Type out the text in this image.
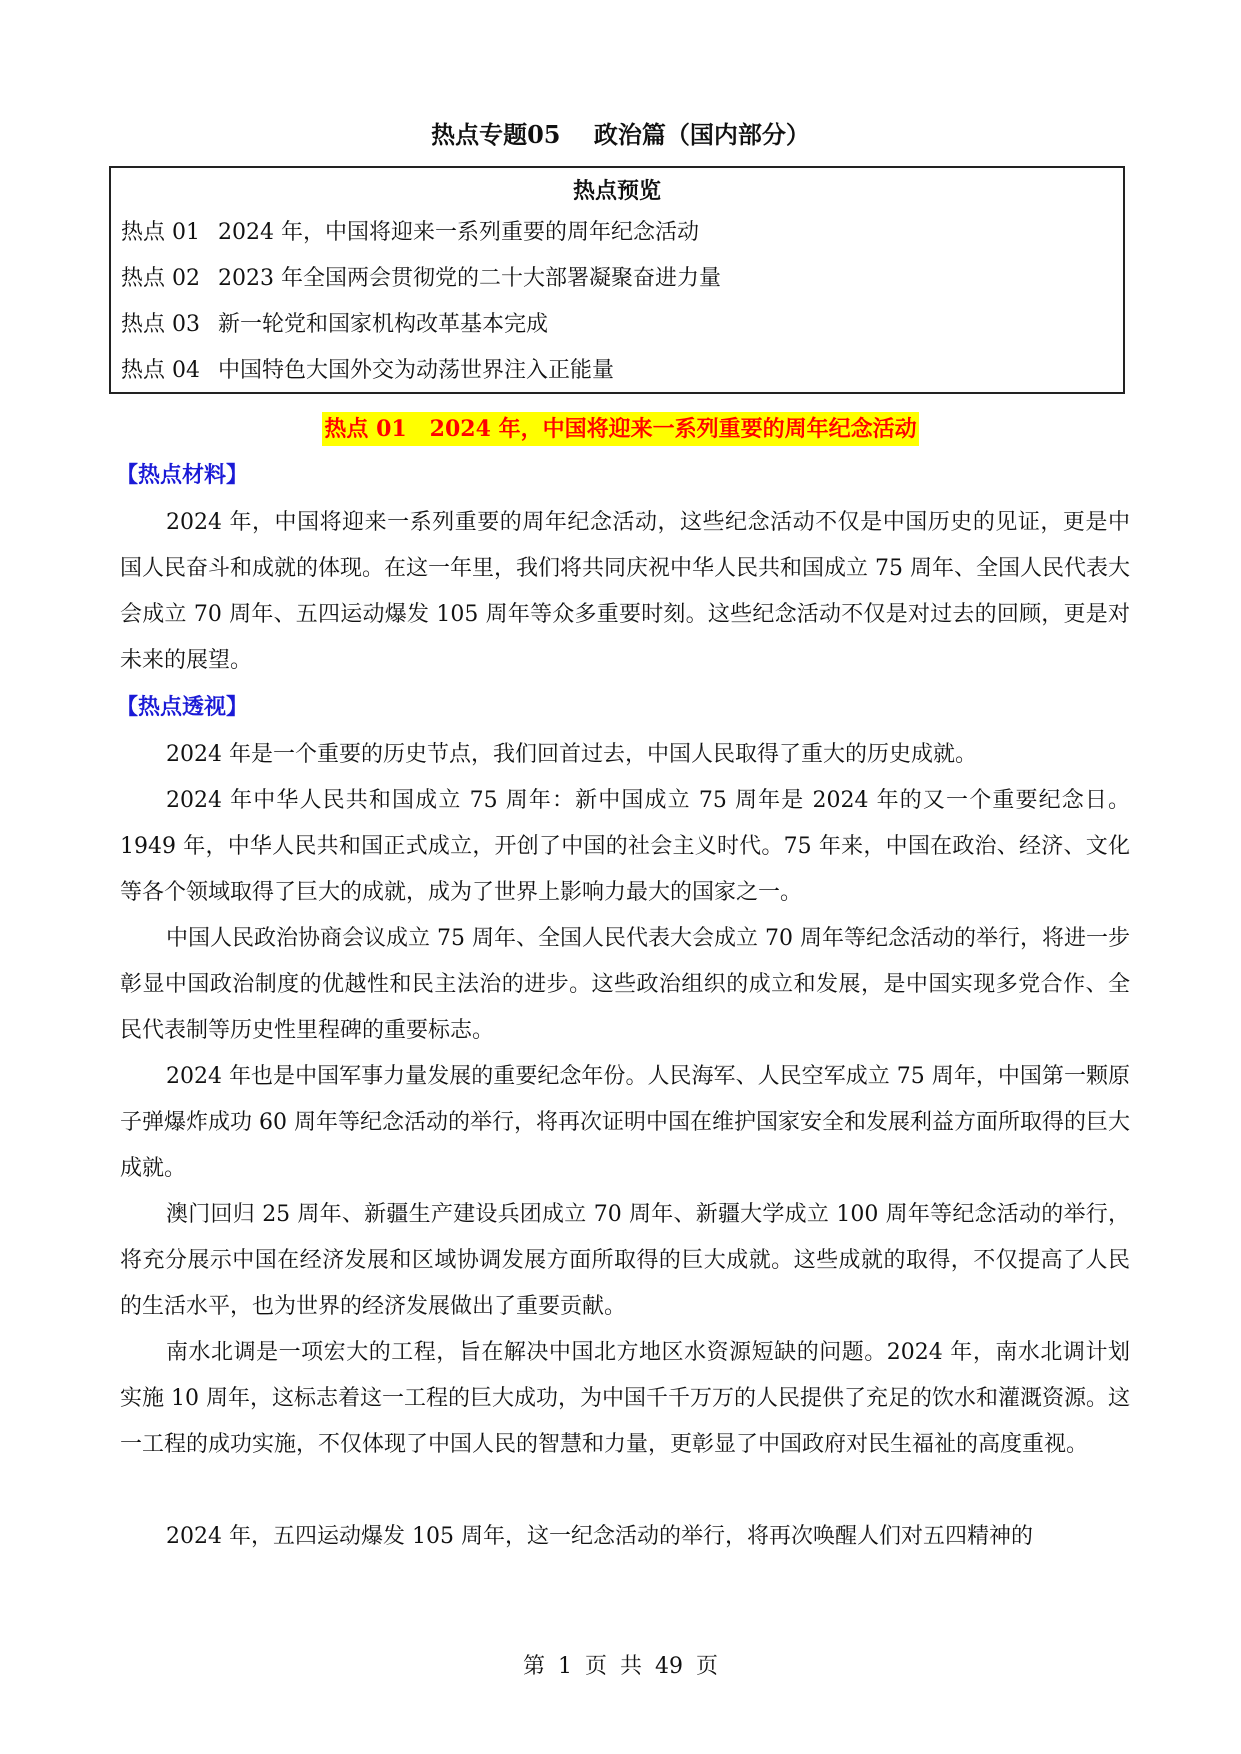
热点专题05    政治篇（国内部分）
热点预览
热点 01 2024 年，中国将迎来一系列重要的周年纪念活动
热点 02 2023 年全国两会贯彻党的二十大部署凝聚奋进力量
热点 03 新一轮党和国家机构改革基本完成
热点 04 中国特色大国外交为动荡世界注入正能量
热点 01   2024 年，中国将迎来一系列重要的周年纪念活动
【热点材料】

2024 年，中国将迎来一系列重要的周年纪念活动，这些纪念活动不仅是中国历史的见证，更是中国人民奋斗和成就的体现。在这一年里，我们将共同庆祝中华人民共和国成立 75 周年、全国人民代表大会成立 70 周年、五四运动爆发 105 周年等众多重要时刻。这些纪念活动不仅是对过去的回顾，更是对未来的展望。

【热点透视】

2024 年是一个重要的历史节点，我们回首过去，中国人民取得了重大的历史成就。

2024 年中华人民共和国成立 75 周年：新中国成立 75 周年是 2024 年的又一个重要纪念日。1949 年，中华人民共和国正式成立，开创了中国的社会主义时代。75 年来，中国在政治、经济、文化等各个领域取得了巨大的成就，成为了世界上影响力最大的国家之一。

中国人民政治协商会议成立 75 周年、全国人民代表大会成立 70 周年等纪念活动的举行，将进一步彰显中国政治制度的优越性和民主法治的进步。这些政治组织的成立和发展，是中国实现多党合作、全民代表制等历史性里程碑的重要标志。

2024 年也是中国军事力量发展的重要纪念年份。人民海军、人民空军成立 75 周年，中国第一颗原子弹爆炸成功 60 周年等纪念活动的举行，将再次证明中国在维护国家安全和发展利益方面所取得的巨大成就。

澳门回归 25 周年、新疆生产建设兵团成立 70 周年、新疆大学成立 100 周年等纪念活动的举行，将充分展示中国在经济发展和区域协调发展方面所取得的巨大成就。这些成就的取得，不仅提高了人民的生活水平，也为世界的经济发展做出了重要贡献。

南水北调是一项宏大的工程，旨在解决中国北方地区水资源短缺的问题。2024 年，南水北调计划实施 10 周年，这标志着这一工程的巨大成功，为中国千千万万的人民提供了充足的饮水和灌溉资源。这一工程的成功实施，不仅体现了中国人民的智慧和力量，更彰显了中国政府对民生福祉的高度重视。

2024 年，五四运动爆发 105 周年，这一纪念活动的举行，将再次唤醒人们对五四精神的

第 1 页 共 49 页
